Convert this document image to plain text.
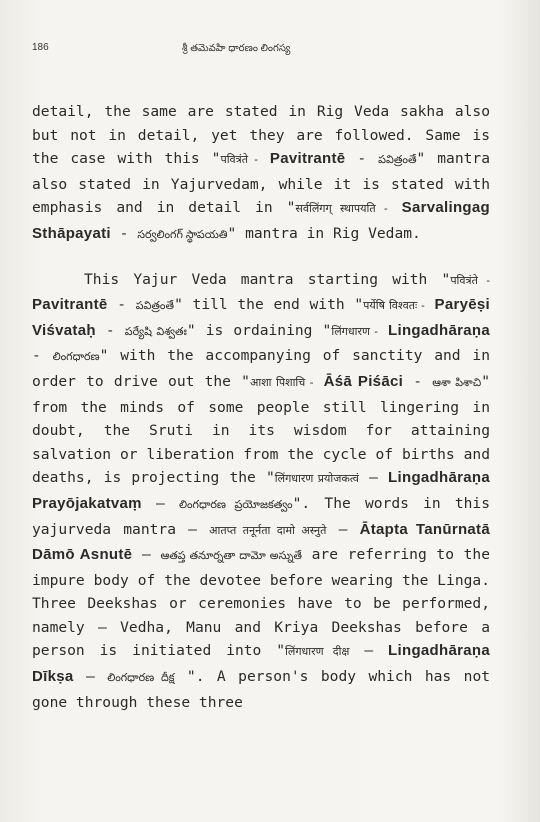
186	శ్రీ తమెవపిా ధారణం లింగస్య

detail, the same are stated in Rig Veda sakha also but not in detail, yet they are followed. Same is the case with this "पवित्रंते - Pavitrantē - పవిత్రంతే" mantra also stated in Yajurvedam, while it is stated with emphasis and in detail in "सर्वलिंगग् स्थापयति - Sarvalingag Sthāpayati - సర్వలింగగ్ స్థాపయతి" mantra in Rig Vedam.

This Yajur Veda mantra starting with "पवित्रंते - Pavitrantē - పవిత్రంతే" till the end with "पर्येषि विश्वतः - Paryēṣi Viśvataḥ - పర్యేషి విశ్వతః" is ordaining "लिंगधारण - Lingadhāraṇa - లింగధారణ" with the accompanying of sanctity and in order to drive out the "आशा पिशाचि - Āśā Piśāci - ఆశా పిశాచి" from the minds of some people still lingering in doubt, the Sruti in its wisdom for attaining salvation or liberation from the cycle of births and deaths, is projecting the "लिंगधारण प्रयोजकत्वं – Lingadhāraṇa Prayōjakatvaṃ – లింగధారణ ప్రయోజకత్వం". The words in this yajurveda mantra – आतप्त तनूर्नता दामो अस्नुते – Ātapta Tanūrnatā Dāmō Asnutē – ఆతప్త తనూర్నతా దామో అస్నుతే are referring to the impure body of the devotee before wearing the Linga. Three Deekshas or ceremonies have to be performed, namely – Vedha, Manu and Kriya Deekshas before a person is initiated into "लिंगधारण दीक्ष – Lingadhāraṇa Dīkṣa – లింగధారణ దీక్ష ". A person's body which has not gone through these three
